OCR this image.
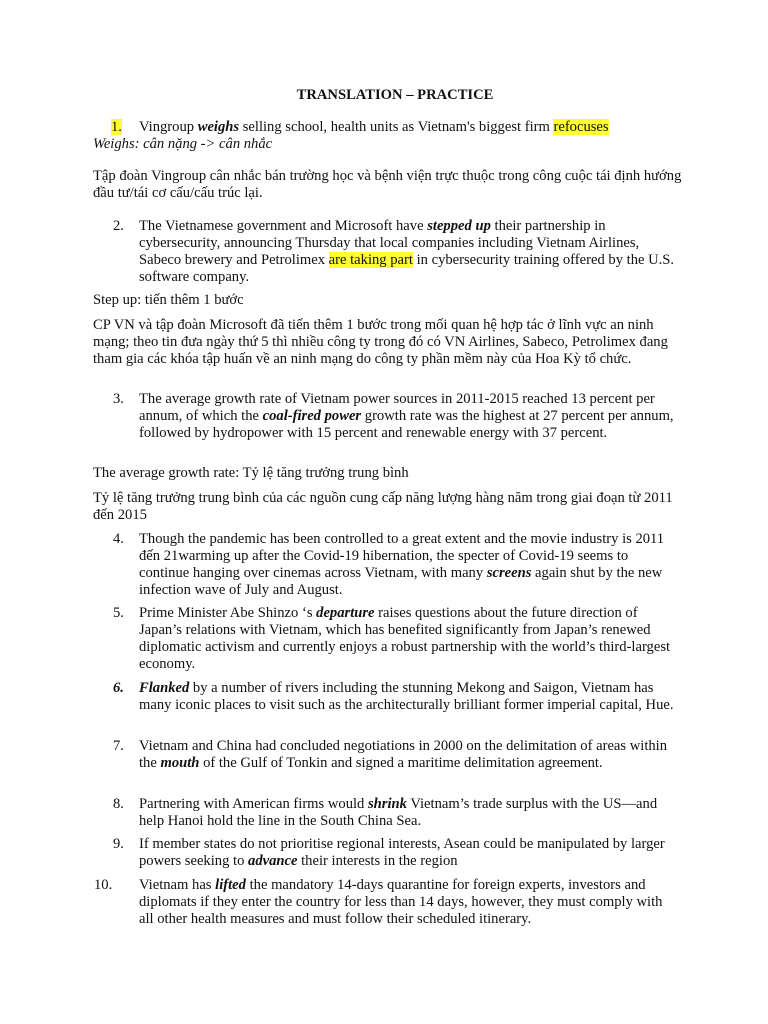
TRANSLATION – PRACTICE
1. Vingroup weighs selling school, health units as Vietnam's biggest firm refocuses
Weighs: cân nặng -> cân nhắc
Tập đoàn Vingroup cân nhắc bán trường học và bệnh viện trực thuộc trong công cuộc tái định hướng đầu tư/tái cơ cấu/cấu trúc lại.
2. The Vietnamese government and Microsoft have stepped up their partnership in cybersecurity, announcing Thursday that local companies including Vietnam Airlines, Sabeco brewery and Petrolimex are taking part in cybersecurity training offered by the U.S. software company.
Step up: tiến thêm 1 bước
CP VN và tập đoàn Microsoft đã tiến thêm 1 bước trong mối quan hệ hợp tác ở lĩnh vực an ninh mạng; theo tin đưa ngày thứ 5 thì nhiều công ty trong đó có VN Airlines, Sabeco, Petrolimex đang tham gia các khóa tập huấn về an ninh mạng do công ty phần mềm này của Hoa Kỳ tổ chức.
3. The average growth rate of Vietnam power sources in 2011-2015 reached 13 percent per annum, of which the coal-fired power growth rate was the highest at 27 percent per annum, followed by hydropower with 15 percent and renewable energy with 37 percent.
The average growth rate: Tỷ lệ tăng trưởng trung bình
Tỷ lệ tăng trưởng trung bình của các nguồn cung cấp năng lượng hàng năm trong giai đoạn từ 2011 đến 2015
4. Though the pandemic has been controlled to a great extent and the movie industry is 2011 đến 21warming up after the Covid-19 hibernation, the specter of Covid-19 seems to continue hanging over cinemas across Vietnam, with many screens again shut by the new infection wave of July and August.
5. Prime Minister Abe Shinzo ‘s departure raises questions about the future direction of Japan’s relations with Vietnam, which has benefited significantly from Japan’s renewed diplomatic activism and currently enjoys a robust partnership with the world’s third-largest economy.
6. Flanked by a number of rivers including the stunning Mekong and Saigon, Vietnam has many iconic places to visit such as the architecturally brilliant former imperial capital, Hue.
7. Vietnam and China had concluded negotiations in 2000 on the delimitation of areas within the mouth of the Gulf of Tonkin and signed a maritime delimitation agreement.
8. Partnering with American firms would shrink Vietnam’s trade surplus with the US—and help Hanoi hold the line in the South China Sea.
9. If member states do not prioritise regional interests, Asean could be manipulated by larger powers seeking to advance their interests in the region
10. Vietnam has lifted the mandatory 14-days quarantine for foreign experts, investors and diplomats if they enter the country for less than 14 days, however, they must comply with all other health measures and must follow their scheduled itinerary.
